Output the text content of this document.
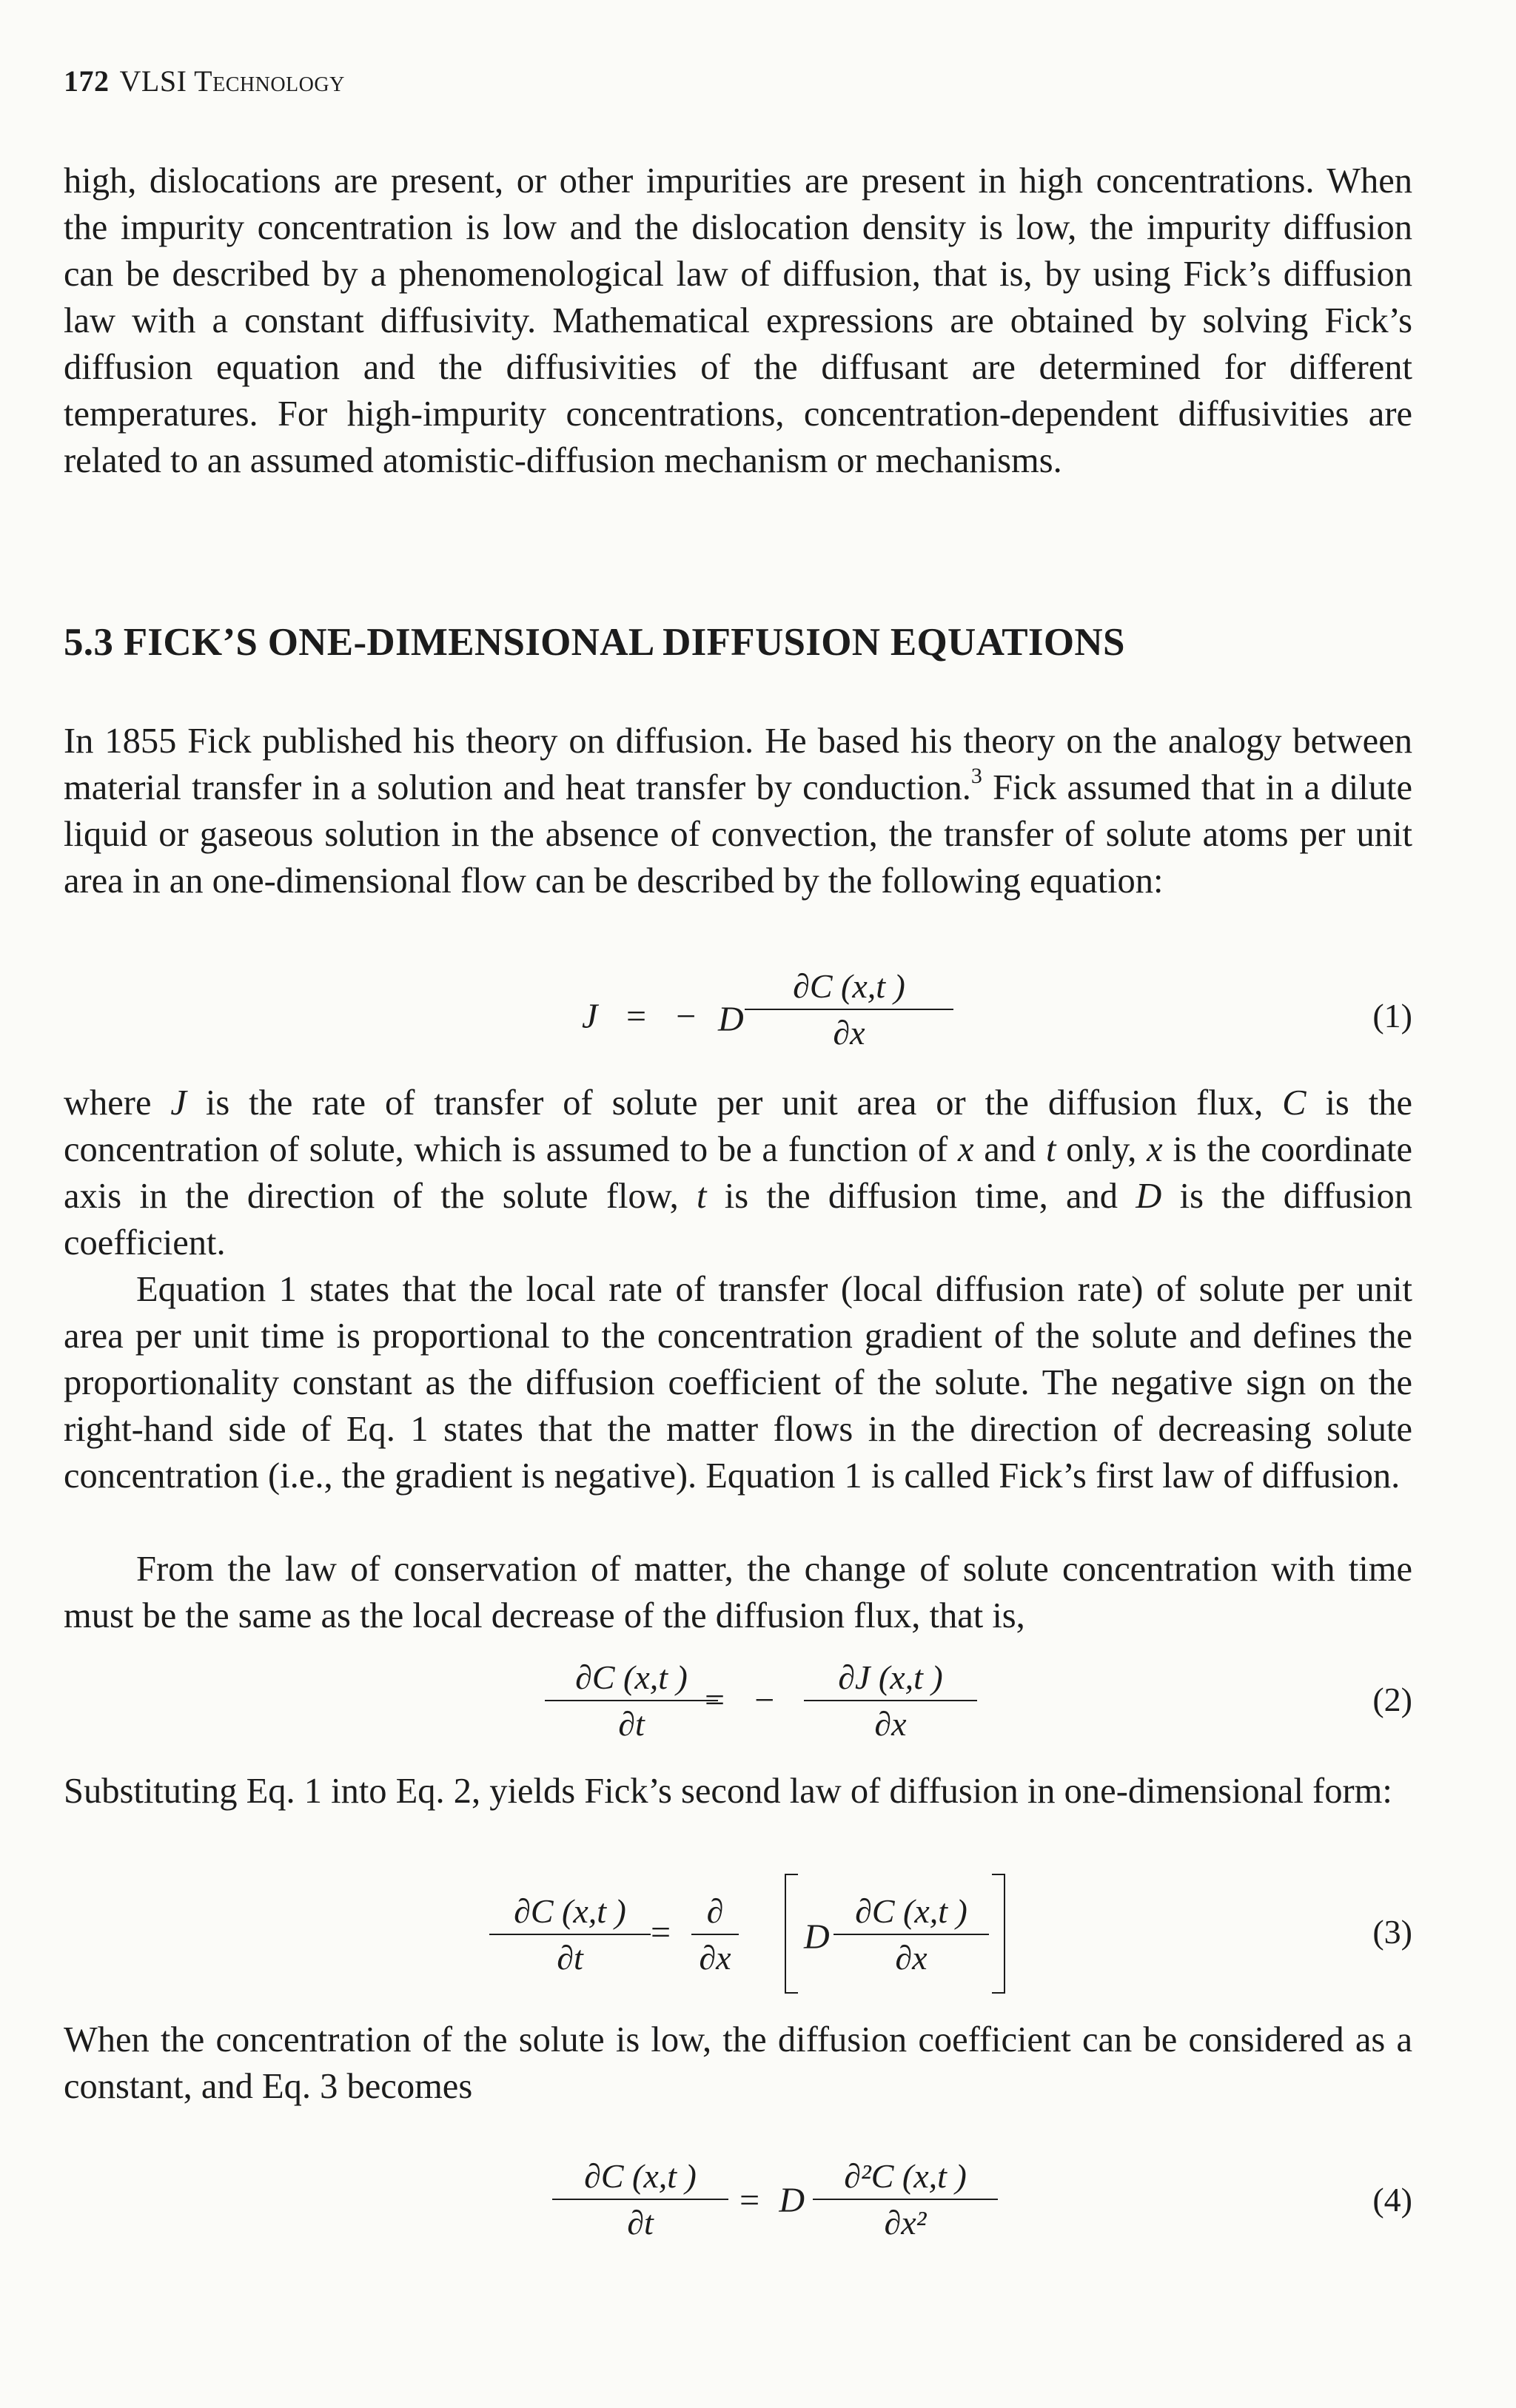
172 VLSI Technology

high, dislocations are present, or other impurities are present in high concentrations. When the impurity concentration is low and the dislocation density is low, the impurity diffusion can be described by a phenomenological law of diffusion, that is, by using Fick’s diffusion law with a constant diffusivity. Mathematical expressions are obtained by solving Fick’s diffusion equation and the diffusivities of the diffusant are determined for different temperatures. For high-impurity concentrations, concentration-dependent diffusivities are related to an assumed atomistic-diffusion mechanism or mechanisms.

5.3 FICK’S ONE-DIMENSIONAL DIFFUSION EQUATIONS

In 1855 Fick published his theory on diffusion. He based his theory on the analogy between material transfer in a solution and heat transfer by conduction.$^3$ Fick assumed that in a dilute liquid or gaseous solution in the absence of convection, the transfer of solute atoms per unit area in an one-dimensional flow can be described by the following equation:

J = − D
∂C (x,t )
∂x	(1)

where J is the rate of transfer of solute per unit area or the diffusion flux, C is the concentration of solute, which is assumed to be a function of x and t only, x is the coordinate axis in the direction of the solute flow, t is the diffusion time, and D is the diffusion coefficient.

Equation 1 states that the local rate of transfer (local diffusion rate) of solute per unit area per unit time is proportional to the concentration gradient of the solute and defines the proportionality constant as the diffusion coefficient of the solute. The negative sign on the right-hand side of Eq. 1 states that the matter flows in the direction of decreasing solute concentration (i.e., the gradient is negative). Equation 1 is called Fick’s first law of diffusion.

From the law of conservation of matter, the change of solute concentration with time must be the same as the local decrease of the diffusion flux, that is,

∂C (x,t )
∂t
= −
∂J (x,t )
∂x
(2)

Substituting Eq. 1 into Eq. 2, yields Fick’s second law of diffusion in one-dimensional form:

∂C (x,t )
∂t
=
∂
∂x
D
∂C (x,t )
∂x
(3)

When the concentration of the solute is low, the diffusion coefficient can be considered as a constant, and Eq. 3 becomes

∂C (x,t )
∂t
= D
∂²C (x,t )
∂x²
(4)
